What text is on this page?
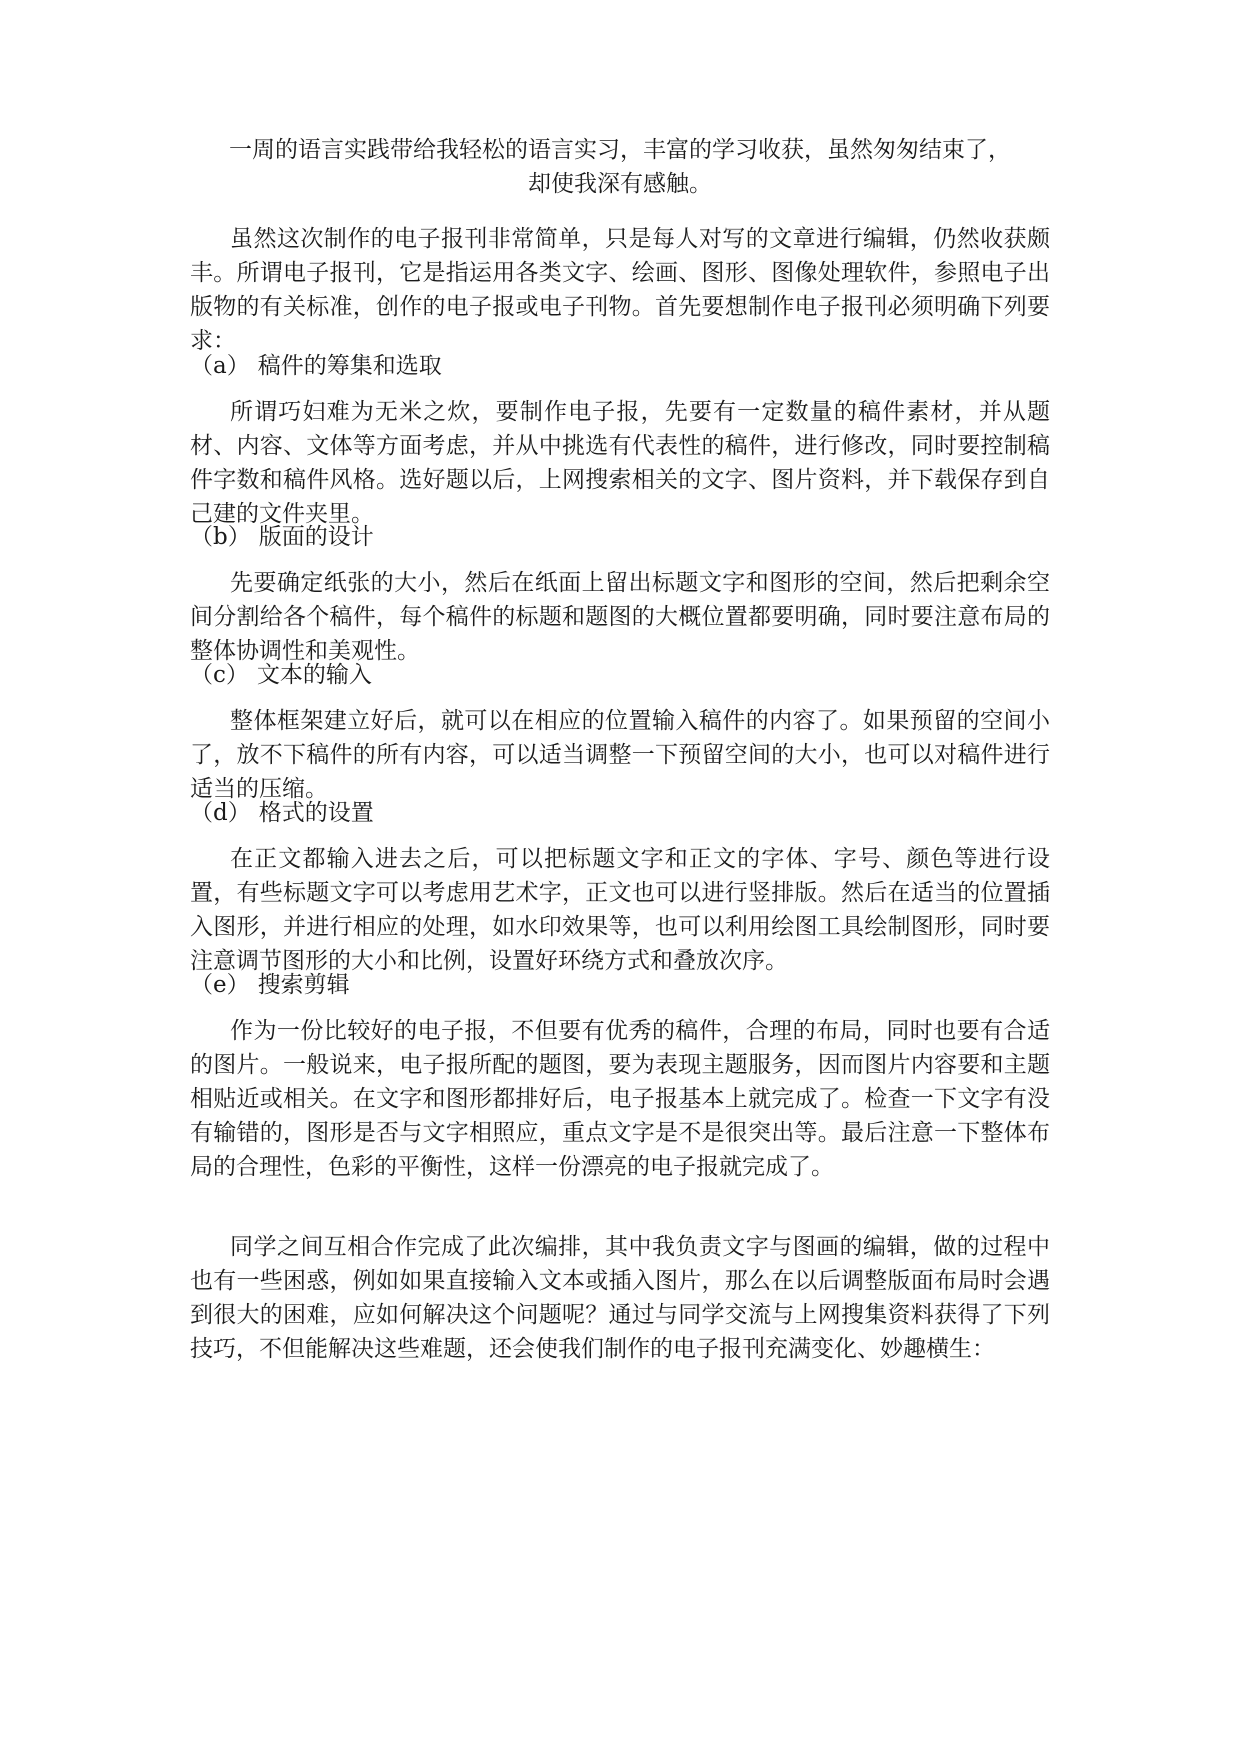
一周的语言实践带给我轻松的语言实习，丰富的学习收获，虽然匆匆结束了，
却使我深有感触。

虽然这次制作的电子报刊非常简单，只是每人对写的文章进行编辑，仍然收获颇丰。所谓电子报刊，它是指运用各类文字、绘画、图形、图像处理软件，参照电子出版物的有关标准，创作的电子报或电子刊物。首先要想制作电子报刊必须明确下列要求：

（a） 稿件的筹集和选取

所谓巧妇难为无米之炊，要制作电子报，先要有一定数量的稿件素材，并从题材、内容、文体等方面考虑，并从中挑选有代表性的稿件，进行修改，同时要控制稿件字数和稿件风格。选好题以后，上网搜索相关的文字、图片资料，并下载保存到自己建的文件夹里。

（b） 版面的设计

先要确定纸张的大小，然后在纸面上留出标题文字和图形的空间，然后把剩余空间分割给各个稿件，每个稿件的标题和题图的大概位置都要明确，同时要注意布局的整体协调性和美观性。

（c） 文本的输入

整体框架建立好后，就可以在相应的位置输入稿件的内容了。如果预留的空间小了，放不下稿件的所有内容，可以适当调整一下预留空间的大小，也可以对稿件进行适当的压缩。

（d） 格式的设置

在正文都输入进去之后，可以把标题文字和正文的字体、字号、颜色等进行设置，有些标题文字可以考虑用艺术字，正文也可以进行竖排版。然后在适当的位置插入图形，并进行相应的处理，如水印效果等，也可以利用绘图工具绘制图形，同时要注意调节图形的大小和比例，设置好环绕方式和叠放次序。

（e） 搜索剪辑

作为一份比较好的电子报，不但要有优秀的稿件，合理的布局，同时也要有合适的图片。一般说来，电子报所配的题图，要为表现主题服务，因而图片内容要和主题相贴近或相关。在文字和图形都排好后，电子报基本上就完成了。检查一下文字有没有输错的，图形是否与文字相照应，重点文字是不是很突出等。最后注意一下整体布局的合理性，色彩的平衡性，这样一份漂亮的电子报就完成了。

同学之间互相合作完成了此次编排，其中我负责文字与图画的编辑，做的过程中也有一些困惑，例如如果直接输入文本或插入图片，那么在以后调整版面布局时会遇到很大的困难，应如何解决这个问题呢？通过与同学交流与上网搜集资料获得了下列技巧，不但能解决这些难题，还会使我们制作的电子报刊充满变化、妙趣横生：
